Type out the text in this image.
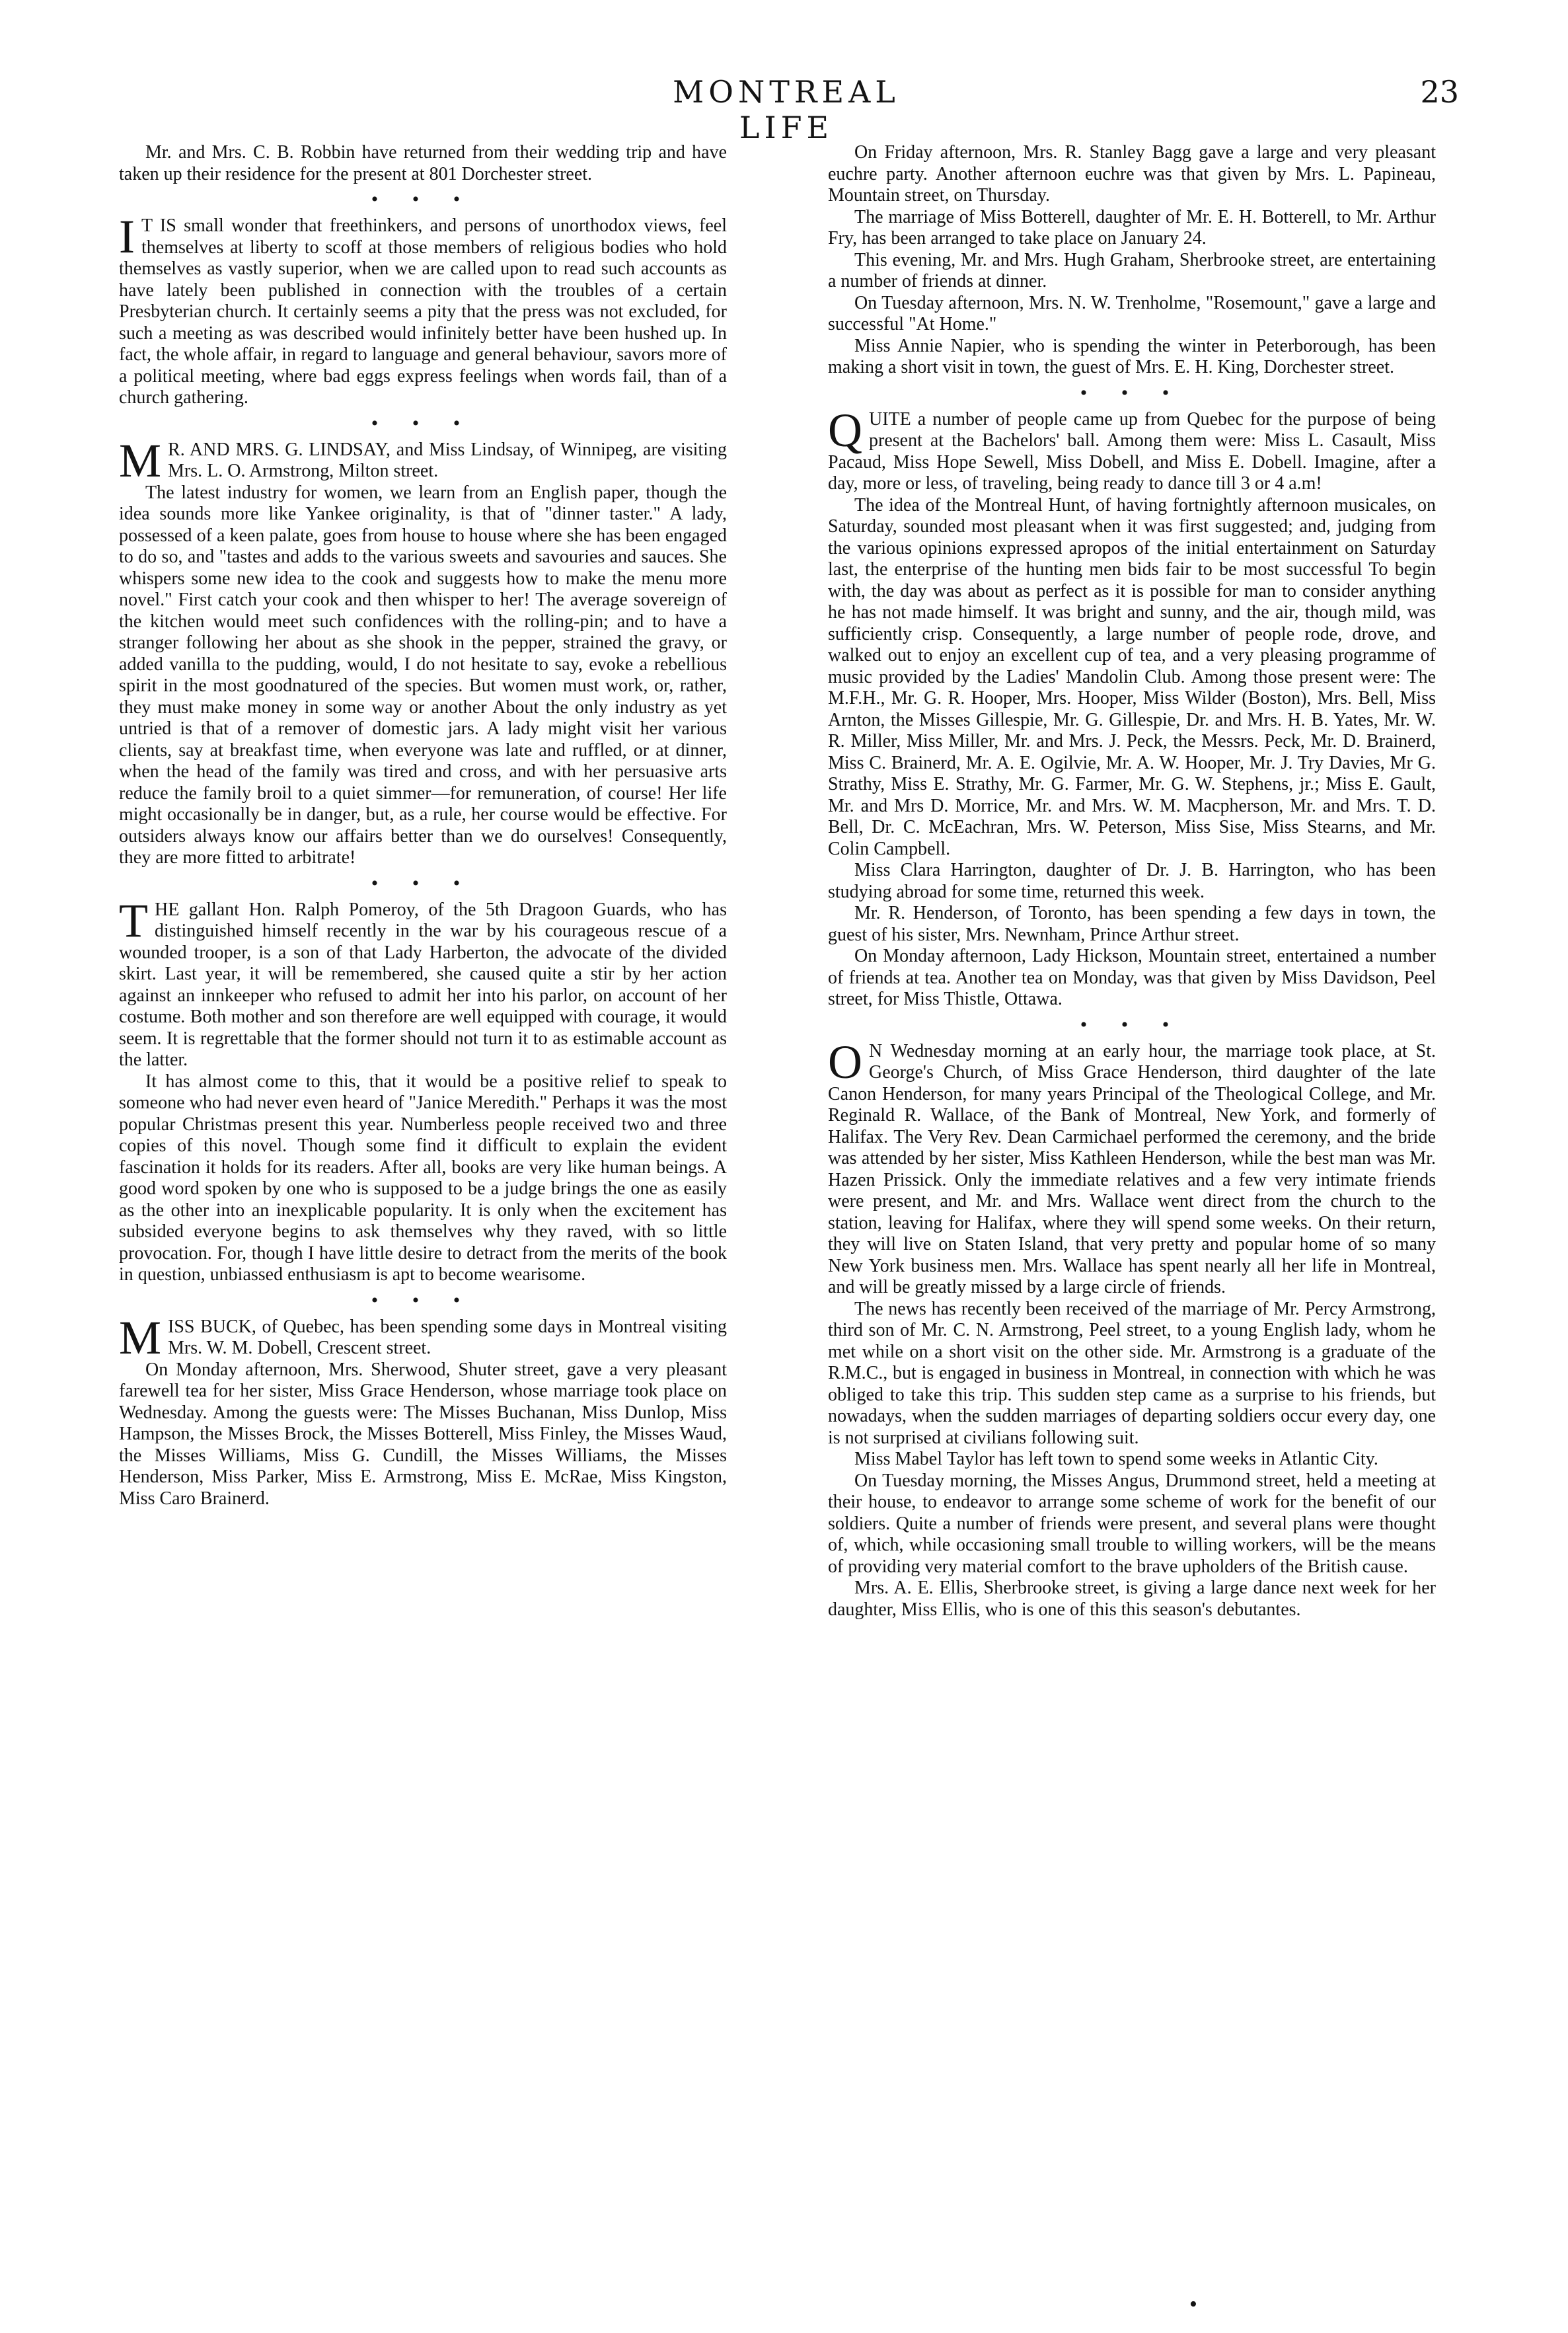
MONTREAL LIFE
23

Mr. and Mrs. C. B. Robbin have returned from their wedding trip and have taken up their residence for the present at 801 Dorchester street.

• • •
I T IS small wonder that freethinkers, and persons of unorthodox views, feel themselves at liberty to scoff at those members of religious bodies who hold themselves as vastly superior, when we are called upon to read such accounts as have lately been published in connection with the troubles of a certain Presbyterian church. It certainly seems a pity that the press was not excluded, for such a meeting as was described would infinitely better have been hushed up. In fact, the whole affair, in regard to language and general behaviour, savors more of a political meeting, where bad eggs express feelings when words fail, than of a church gathering.

• • •
M R. AND MRS. G. LINDSAY, and Miss Lindsay, of Winnipeg, are visiting Mrs. L. O. Armstrong, Milton street.

The latest industry for women, we learn from an English paper, though the idea sounds more like Yankee originality, is that of "dinner taster." A lady, possessed of a keen palate, goes from house to house where she has been engaged to do so, and "tastes and adds to the various sweets and savouries and sauces. She whispers some new idea to the cook and suggests how to make the menu more novel." First catch your cook and then whisper to her! The average sovereign of the kitchen would meet such confidences with the rolling-pin; and to have a stranger following her about as she shook in the pepper, strained the gravy, or added vanilla to the pudding, would, I do not hesitate to say, evoke a rebellious spirit in the most goodnatured of the species. But women must work, or, rather, they must make money in some way or another About the only industry as yet untried is that of a remover of domestic jars. A lady might visit her various clients, say at breakfast time, when everyone was late and ruffled, or at dinner, when the head of the family was tired and cross, and with her persuasive arts reduce the family broil to a quiet simmer—for remuneration, of course! Her life might occasionally be in danger, but, as a rule, her course would be effective. For outsiders always know our affairs better than we do ourselves! Consequently, they are more fitted to arbitrate!

• • •
T HE gallant Hon. Ralph Pomeroy, of the 5th Dragoon Guards, who has distinguished himself recently in the war by his courageous rescue of a wounded trooper, is a son of that Lady Harberton, the advocate of the divided skirt. Last year, it will be remembered, she caused quite a stir by her action against an innkeeper who refused to admit her into his parlor, on account of her costume. Both mother and son therefore are well equipped with courage, it would seem. It is regrettable that the former should not turn it to as estimable account as the latter.

It has almost come to this, that it would be a positive relief to speak to someone who had never even heard of "Janice Meredith." Perhaps it was the most popular Christmas present this year. Numberless people received two and three copies of this novel. Though some find it difficult to explain the evident fascination it holds for its readers. After all, books are very like human beings. A good word spoken by one who is supposed to be a judge brings the one as easily as the other into an inexplicable popularity. It is only when the excitement has subsided everyone begins to ask themselves why they raved, with so little provocation. For, though I have little desire to detract from the merits of the book in question, unbiassed enthusiasm is apt to become wearisome.

• • •
M ISS BUCK, of Quebec, has been spending some days in Montreal visiting Mrs. W. M. Dobell, Crescent street.

On Monday afternoon, Mrs. Sherwood, Shuter street, gave a very pleasant farewell tea for her sister, Miss Grace Henderson, whose marriage took place on Wednesday. Among the guests were: The Misses Buchanan, Miss Dunlop, Miss Hampson, the Misses Brock, the Misses Botterell, Miss Finley, the Misses Waud, the Misses Williams, Miss G. Cundill, the Misses Williams, the Misses Henderson, Miss Parker, Miss E. Armstrong, Miss E. McRae, Miss Kingston, Miss Caro Brainerd.

On Friday afternoon, Mrs. R. Stanley Bagg gave a large and very pleasant euchre party. Another afternoon euchre was that given by Mrs. L. Papineau, Mountain street, on Thursday.

The marriage of Miss Botterell, daughter of Mr. E. H. Botterell, to Mr. Arthur Fry, has been arranged to take place on January 24.

This evening, Mr. and Mrs. Hugh Graham, Sherbrooke street, are entertaining a number of friends at dinner.

On Tuesday afternoon, Mrs. N. W. Trenholme, "Rosemount," gave a large and successful "At Home."

Miss Annie Napier, who is spending the winter in Peterborough, has been making a short visit in town, the guest of Mrs. E. H. King, Dorchester street.

• • •
Q UITE a number of people came up from Quebec for the purpose of being present at the Bachelors' ball. Among them were: Miss L. Casault, Miss Pacaud, Miss Hope Sewell, Miss Dobell, and Miss E. Dobell. Imagine, after a day, more or less, of traveling, being ready to dance till 3 or 4 a.m!

The idea of the Montreal Hunt, of having fortnightly afternoon musicales, on Saturday, sounded most pleasant when it was first suggested; and, judging from the various opinions expressed apropos of the initial entertainment on Saturday last, the enterprise of the hunting men bids fair to be most successful To begin with, the day was about as perfect as it is possible for man to consider anything he has not made himself. It was bright and sunny, and the air, though mild, was sufficiently crisp. Consequently, a large number of people rode, drove, and walked out to enjoy an excellent cup of tea, and a very pleasing programme of music provided by the Ladies' Mandolin Club. Among those present were: The M.F.H., Mr. G. R. Hooper, Mrs. Hooper, Miss Wilder (Boston), Mrs. Bell, Miss Arnton, the Misses Gillespie, Mr. G. Gillespie, Dr. and Mrs. H. B. Yates, Mr. W. R. Miller, Miss Miller, Mr. and Mrs. J. Peck, the Messrs. Peck, Mr. D. Brainerd, Miss C. Brainerd, Mr. A. E. Ogilvie, Mr. A. W. Hooper, Mr. J. Try Davies, Mr G. Strathy, Miss E. Strathy, Mr. G. Farmer, Mr. G. W. Stephens, jr.; Miss E. Gault, Mr. and Mrs D. Morrice, Mr. and Mrs. W. M. Macpherson, Mr. and Mrs. T. D. Bell, Dr. C. McEachran, Mrs. W. Peterson, Miss Sise, Miss Stearns, and Mr. Colin Campbell.

Miss Clara Harrington, daughter of Dr. J. B. Harrington, who has been studying abroad for some time, returned this week.

Mr. R. Henderson, of Toronto, has been spending a few days in town, the guest of his sister, Mrs. Newnham, Prince Arthur street.

On Monday afternoon, Lady Hickson, Mountain street, entertained a number of friends at tea. Another tea on Monday, was that given by Miss Davidson, Peel street, for Miss Thistle, Ottawa.

• • •
O N Wednesday morning at an early hour, the marriage took place, at St. George's Church, of Miss Grace Henderson, third daughter of the late Canon Henderson, for many years Principal of the Theological College, and Mr. Reginald R. Wallace, of the Bank of Montreal, New York, and formerly of Halifax. The Very Rev. Dean Carmichael performed the ceremony, and the bride was attended by her sister, Miss Kathleen Henderson, while the best man was Mr. Hazen Prissick. Only the immediate relatives and a few very intimate friends were present, and Mr. and Mrs. Wallace went direct from the church to the station, leaving for Halifax, where they will spend some weeks. On their return, they will live on Staten Island, that very pretty and popular home of so many New York business men. Mrs. Wallace has spent nearly all her life in Montreal, and will be greatly missed by a large circle of friends.

The news has recently been received of the marriage of Mr. Percy Armstrong, third son of Mr. C. N. Armstrong, Peel street, to a young English lady, whom he met while on a short visit on the other side. Mr. Armstrong is a graduate of the R.M.C., but is engaged in business in Montreal, in connection with which he was obliged to take this trip. This sudden step came as a surprise to his friends, but nowadays, when the sudden marriages of departing soldiers occur every day, one is not surprised at civilians following suit.

Miss Mabel Taylor has left town to spend some weeks in Atlantic City.

On Tuesday morning, the Misses Angus, Drummond street, held a meeting at their house, to endeavor to arrange some scheme of work for the benefit of our soldiers. Quite a number of friends were present, and several plans were thought of, which, while occasioning small trouble to willing workers, will be the means of providing very material comfort to the brave upholders of the British cause.

Mrs. A. E. Ellis, Sherbrooke street, is giving a large dance next week for her daughter, Miss Ellis, who is one of this this season's debutantes.

•
